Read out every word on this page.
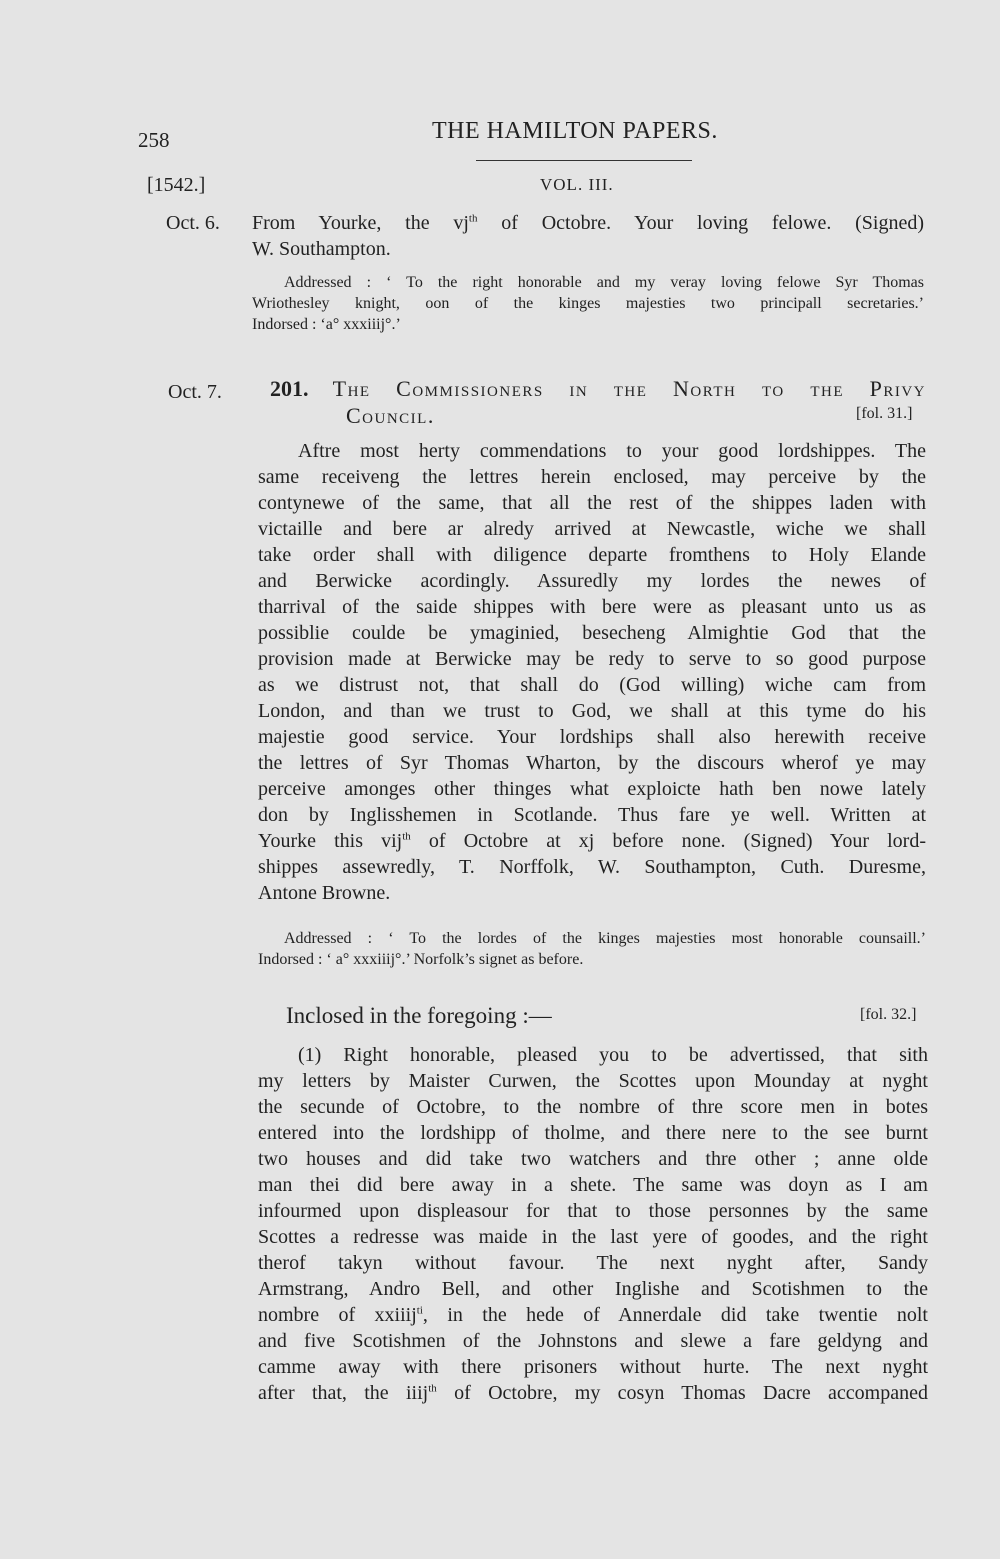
258	THE HAMILTON PAPERS.
[1542.]	VOL. III.
Oct. 6. From Yourke, the $vj^{th}$ of Octobre. Your loving felowe. (Signed)
W. Southampton.
Addressed : ‘ To the right honorable and my veray loving felowe Syr Thomas
Wriothesley knight, oon of the kinges majesties two principall secretaries.’
Indorsed : ‘a° xxxiiij°.’
Oct. 7. 201. The Commissioners in the North to the Privy
Council.	[fol. 31.]
Aftre most herty commendations to your good lordshippes. The
same receiveng the lettres herein enclosed, may perceive by the
contynewe of the same, that all the rest of the shippes laden with
victaille and bere ar alredy arrived at Newcastle, wiche we shall
take order shall with diligence departe fromthens to Holy Elande
and Berwicke acordingly. Assuredly my lordes the newes of
tharrival of the saide shippes with bere were as pleasant unto us as
possiblie coulde be ymaginied, besecheng Almightie God that the
provision made at Berwicke may be redy to serve to so good purpose
as we distrust not, that shall do (God willing) wiche cam from
London, and than we trust to God, we shall at this tyme do his
majestie good service. Your lordships shall also herewith receive
the lettres of Syr Thomas Wharton, by the discours wherof ye may
perceive amonges other thinges what exploicte hath ben nowe lately
don by Inglisshemen in Scotlande. Thus fare ye well. Written at
Yourke this vij$^{th}$ of Octobre at xj before none. (Signed) Your lord-
shippes assewredly, T. Norffolk, W. Southampton, Cuth. Duresme,
Antone Browne.
Addressed : ‘ To the lordes of the kinges majesties most honorable counsaill.’
Indorsed : ‘ a° xxxiiij°.’ Norfolk’s signet as before.
Inclosed in the foregoing :—	[fol. 32.]
(1) Right honorable, pleased you to be advertissed, that sith
my letters by Maister Curwen, the Scottes upon Mounday at nyght
the secunde of Octobre, to the nombre of thre score men in botes
entered into the lordshipp of tholme, and there nere to the see burnt
two houses and did take two watchers and thre other ; anne olde
man thei did bere away in a shete. The same was doyn as I am
infourmed upon displeasour for that to those personnes by the same
Scottes a redresse was maide in the last yere of goodes, and the right
therof takyn without favour. The next nyght after, Sandy
Armstrang, Andro Bell, and other Inglishe and Scotishmen to the
nombre of xxiiij$^{ti}$, in the hede of Annerdale did take twentie nolt
and five Scotishmen of the Johnstons and slewe a fare geldyng and
camme away with there prisoners without hurte. The next nyght
after that, the iiij$^{th}$ of Octobre, my cosyn Thomas Dacre accompaned
